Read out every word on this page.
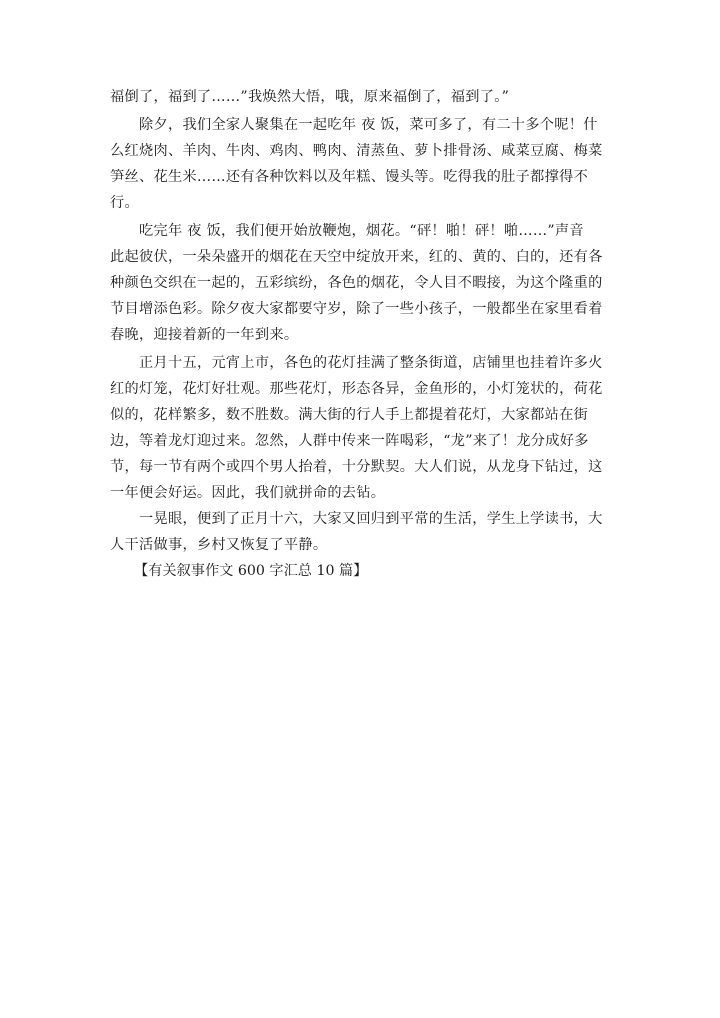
福倒了，福到了……”我焕然大悟，哦，原来福倒了，福到了。”
除夕，我们全家人聚集在一起吃年 夜 饭，菜可多了，有二十多个呢！什
么红烧肉、羊肉、牛肉、鸡肉、鸭肉、清蒸鱼、萝卜排骨汤、咸菜豆腐、梅菜
笋丝、花生米……还有各种饮料以及年糕、馒头等。吃得我的肚子都撑得不
行。
吃完年 夜 饭，我们便开始放鞭炮，烟花。“砰！啪！砰！啪……”声音
此起彼伏，一朵朵盛开的烟花在天空中绽放开来，红的、黄的、白的，还有各
种颜色交织在一起的，五彩缤纷，各色的烟花，令人目不暇接，为这个隆重的
节目增添色彩。除夕夜大家都要守岁，除了一些小孩子，一般都坐在家里看着
春晚，迎接着新的一年到来。
正月十五，元宵上市，各色的花灯挂满了整条街道，店铺里也挂着许多火
红的灯笼，花灯好壮观。那些花灯，形态各异，金鱼形的，小灯笼状的，荷花
似的，花样繁多，数不胜数。满大街的行人手上都提着花灯，大家都站在街
边，等着龙灯迎过来。忽然，人群中传来一阵喝彩，“龙”来了！龙分成好多
节，每一节有两个或四个男人抬着，十分默契。大人们说，从龙身下钻过，这
一年便会好运。因此，我们就拼命的去钻。
一晃眼，便到了正月十六，大家又回归到平常的生活，学生上学读书，大
人干活做事，乡村又恢复了平静。
【有关叙事作文 600 字汇总 10 篇】
